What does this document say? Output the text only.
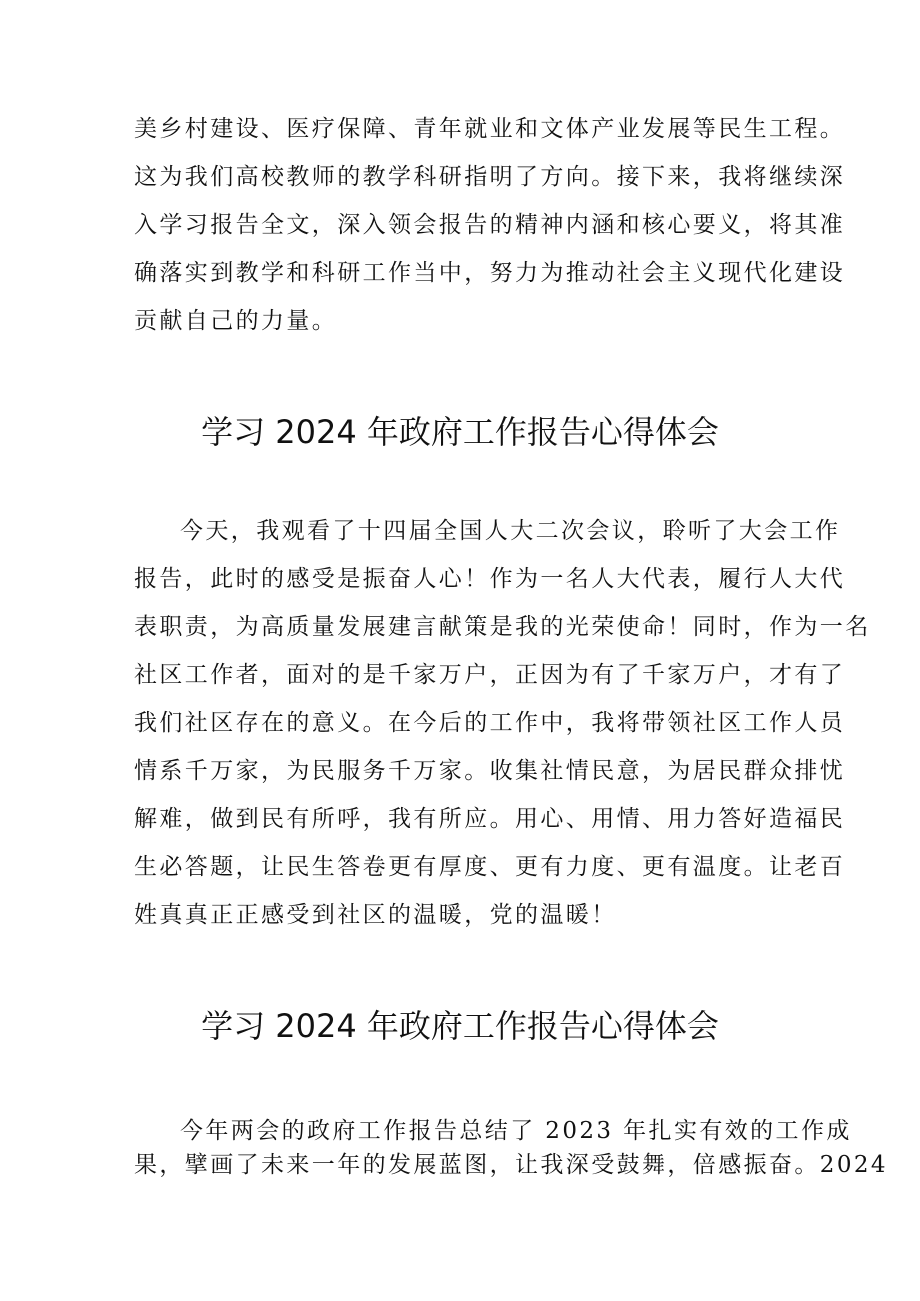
美乡村建设、医疗保障、青年就业和文体产业发展等民生工程。
这为我们高校教师的教学科研指明了方向。接下来，我将继续深
入学习报告全文，深入领会报告的精神内涵和核心要义，将其准
确落实到教学和科研工作当中，努力为推动社会主义现代化建设
贡献自己的力量。
学习 2024 年政府工作报告心得体会
今天，我观看了十四届全国人大二次会议，聆听了大会工作
报告，此时的感受是振奋人心！作为一名人大代表，履行人大代
表职责，为高质量发展建言献策是我的光荣使命！同时，作为一名
社区工作者，面对的是千家万户，正因为有了千家万户，才有了
我们社区存在的意义。在今后的工作中，我将带领社区工作人员
情系千万家，为民服务千万家。收集社情民意，为居民群众排忧
解难，做到民有所呼，我有所应。用心、用情、用力答好造福民
生必答题，让民生答卷更有厚度、更有力度、更有温度。让老百
姓真真正正感受到社区的温暖，党的温暖！
学习 2024 年政府工作报告心得体会
今年两会的政府工作报告总结了 2023 年扎实有效的工作成
果，擘画了未来一年的发展蓝图，让我深受鼓舞，倍感振奋。2024
